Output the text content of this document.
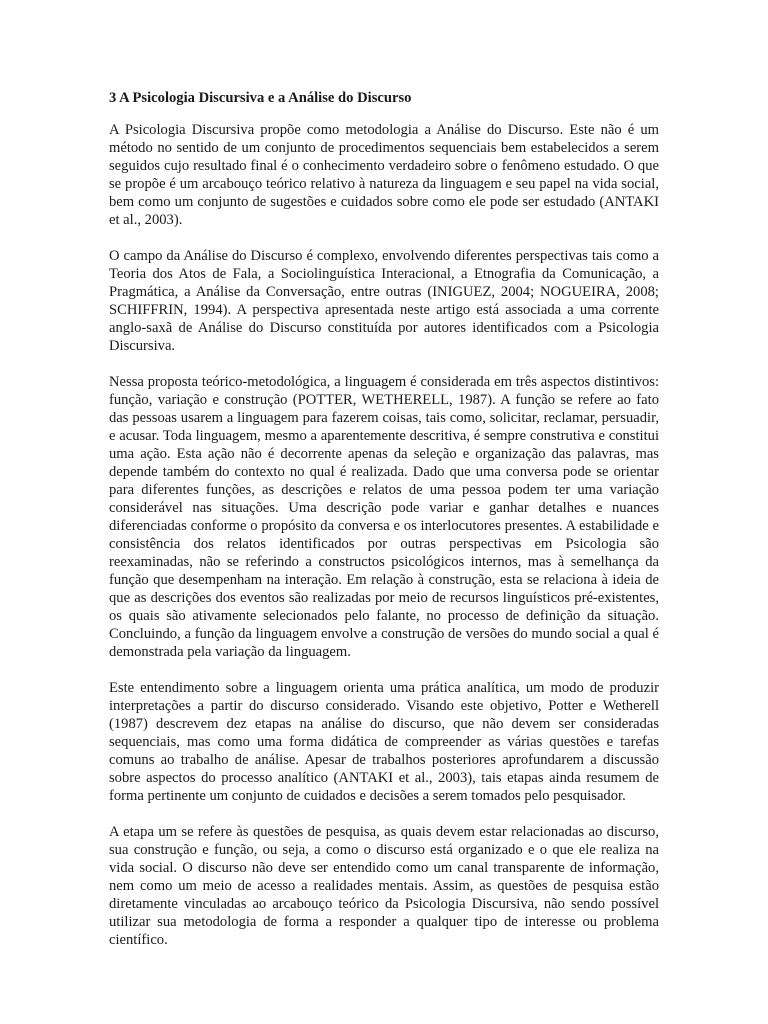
3 A Psicologia Discursiva e a Análise do Discurso

A Psicologia Discursiva propõe como metodologia a Análise do Discurso. Este não é um método no sentido de um conjunto de procedimentos sequenciais bem estabelecidos a serem seguidos cujo resultado final é o conhecimento verdadeiro sobre o fenômeno estudado. O que se propõe é um arcabouço teórico relativo à natureza da linguagem e seu papel na vida social, bem como um conjunto de sugestões e cuidados sobre como ele pode ser estudado (ANTAKI et al., 2003).

O campo da Análise do Discurso é complexo, envolvendo diferentes perspectivas tais como a Teoria dos Atos de Fala, a Sociolinguística Interacional, a Etnografia da Comunicação, a Pragmática, a Análise da Conversação, entre outras (INIGUEZ, 2004; NOGUEIRA, 2008; SCHIFFRIN, 1994). A perspectiva apresentada neste artigo está associada a uma corrente anglo-saxã de Análise do Discurso constituída por autores identificados com a Psicologia Discursiva.

Nessa proposta teórico-metodológica, a linguagem é considerada em três aspectos distintivos: função, variação e construção (POTTER, WETHERELL, 1987). A função se refere ao fato das pessoas usarem a linguagem para fazerem coisas, tais como, solicitar, reclamar, persuadir, e acusar. Toda linguagem, mesmo a aparentemente descritiva, é sempre construtiva e constitui uma ação. Esta ação não é decorrente apenas da seleção e organização das palavras, mas depende também do contexto no qual é realizada. Dado que uma conversa pode se orientar para diferentes funções, as descrições e relatos de uma pessoa podem ter uma variação considerável nas situações. Uma descrição pode variar e ganhar detalhes e nuances diferenciadas conforme o propósito da conversa e os interlocutores presentes. A estabilidade e consistência dos relatos identificados por outras perspectivas em Psicologia são reexaminadas, não se referindo a constructos psicológicos internos, mas à semelhança da função que desempenham na interação. Em relação à construção, esta se relaciona à ideia de que as descrições dos eventos são realizadas por meio de recursos linguísticos pré-existentes, os quais são ativamente selecionados pelo falante, no processo de definição da situação. Concluindo, a função da linguagem envolve a construção de versões do mundo social a qual é demonstrada pela variação da linguagem.

Este entendimento sobre a linguagem orienta uma prática analítica, um modo de produzir interpretações a partir do discurso considerado. Visando este objetivo, Potter e Wetherell (1987) descrevem dez etapas na análise do discurso, que não devem ser consideradas sequenciais, mas como uma forma didática de compreender as várias questões e tarefas comuns ao trabalho de análise. Apesar de trabalhos posteriores aprofundarem a discussão sobre aspectos do processo analítico (ANTAKI et al., 2003), tais etapas ainda resumem de forma pertinente um conjunto de cuidados e decisões a serem tomados pelo pesquisador.

A etapa um se refere às questões de pesquisa, as quais devem estar relacionadas ao discurso, sua construção e função, ou seja, a como o discurso está organizado e o que ele realiza na vida social. O discurso não deve ser entendido como um canal transparente de informação, nem como um meio de acesso a realidades mentais. Assim, as questões de pesquisa estão diretamente vinculadas ao arcabouço teórico da Psicologia Discursiva, não sendo possível utilizar sua metodologia de forma a responder a qualquer tipo de interesse ou problema científico.
